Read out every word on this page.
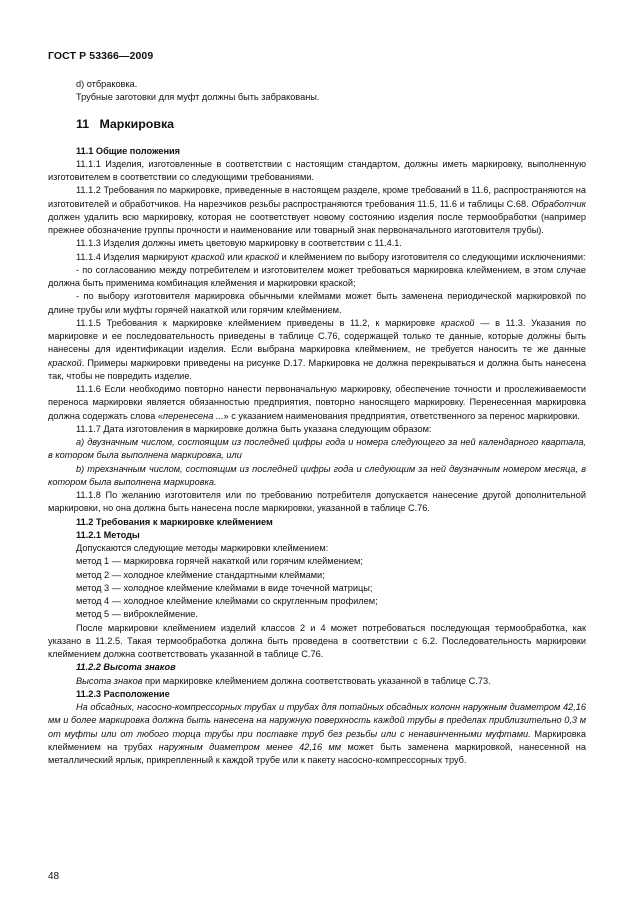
ГОСТ Р 53366—2009

d) отбраковка.

Трубные заготовки для муфт должны быть забракованы.

11 Маркировка

11.1 Общие положения

11.1.1 Изделия, изготовленные в соответствии с настоящим стандартом, должны иметь маркировку, выполненную изготовителем в соответствии со следующими требованиями.

11.1.2 Требования по маркировке, приведенные в настоящем разделе, кроме требований в 11.6, распространяются на изготовителей и обработчиков. На нарезчиков резьбы распространяются требования 11.5, 11.6 и таблицы С.68. Обработчик должен удалить всю маркировку, которая не соответствует новому состоянию изделия после термообработки (например прежнее обозначение группы прочности и наименование или товарный знак первоначального изготовителя трубы).

11.1.3 Изделия должны иметь цветовую маркировку в соответствии с 11.4.1.

11.1.4 Изделия маркируют краской или краской и клеймением по выбору изготовителя со следующими исключениями:

- по согласованию между потребителем и изготовителем может требоваться маркировка клеймением, в этом случае должна быть применима комбинация клеймения и маркировки краской;

- по выбору изготовителя маркировка обычными клеймами может быть заменена периодической маркировкой по длине трубы или муфты горячей накаткой или горячим клеймением.

11.1.5 Требования к маркировке клеймением приведены в 11.2, к маркировке краской — в 11.3. Указания по маркировке и ее последовательность приведены в таблице С.76, содержащей только те данные, которые должны быть нанесены для идентификации изделия. Если выбрана маркировка клеймением, не требуется наносить те же данные краской. Примеры маркировки приведены на рисунке D.17. Маркировка не должна перекрываться и должна быть нанесена так, чтобы не повредить изделие.

11.1.6 Если необходимо повторно нанести первоначальную маркировку, обеспечение точности и прослеживаемости переноса маркировки является обязанностью предприятия, повторно наносящего маркировку. Перенесенная маркировка должна содержать слова «перенесена ...» с указанием наименования предприятия, ответственного за перенос маркировки.

11.1.7 Дата изготовления в маркировке должна быть указана следующим образом:

a) двузначным числом, состоящим из последней цифры года и номера следующего за ней календарного квартала, в котором была выполнена маркировка, или

b) трехзначным числом, состоящим из последней цифры года и следующим за ней двузначным номером месяца, в котором была выполнена маркировка.

11.1.8 По желанию изготовителя или по требованию потребителя допускается нанесение другой дополнительной маркировки, но она должна быть нанесена после маркировки, указанной в таблице С.76.

11.2 Требования к маркировке клеймением

11.2.1 Методы

Допускаются следующие методы маркировки клеймением:

метод 1 — маркировка горячей накаткой или горячим клеймением;

метод 2 — холодное клеймение стандартными клеймами;

метод 3 — холодное клеймение клеймами в виде точечной матрицы;

метод 4 — холодное клеймение клеймами со скругленным профилем;

метод 5 — виброклеймение.

После маркировки клеймением изделий классов 2 и 4 может потребоваться последующая термообработка, как указано в 11.2.5. Такая термообработка должна быть проведена в соответствии с 6.2. Последовательность маркировки клеймением должна соответствовать указанной в таблице С.76.

11.2.2 Высота знаков

Высота знаков при маркировке клеймением должна соответствовать указанной в таблице С.73.

11.2.3 Расположение

На обсадных, насосно-компрессорных трубах и трубах для потайных обсадных колонн наружным диаметром 42,16 мм и более маркировка должна быть нанесена на наружную поверхность каждой трубы в пределах приблизительно 0,3 м от муфты или от любого торца трубы при поставке труб без резьбы или с ненавинченными муфтами. Маркировка клеймением на трубах наружным диаметром менее 42,16 мм может быть заменена маркировкой, нанесенной на металлический ярлык, прикрепленный к каждой трубе или к пакету насосно-компрессорных труб.

48
